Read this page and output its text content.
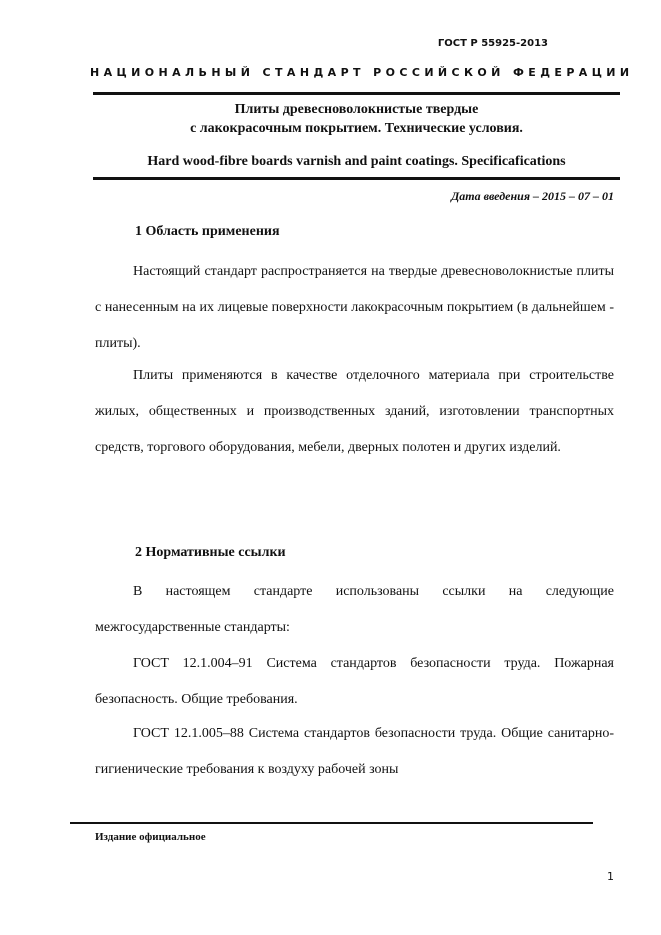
ГОСТ Р 55925-2013
НАЦИОНАЛЬНЫЙ СТАНДАРТ РОССИЙСКОЙ ФЕДЕРАЦИИ
Плиты древесноволокнистые твердые
с лакокрасочным покрытием. Технические условия.
Hard wood-fibre boards varnish and paint coatings. Specificafications
Дата введения – 2015 – 07 – 01
1 Область применения
Настоящий стандарт распространяется на твердые древесноволокнистые плиты с нанесенным на их лицевые поверхности лакокрасочным покрытием (в дальнейшем - плиты).
Плиты применяются в качестве отделочного материала при строительстве жилых, общественных и производственных зданий, изготовлении транспортных средств, торгового оборудования, мебели, дверных полотен и других изделий.
2 Нормативные ссылки
В настоящем стандарте использованы ссылки на следующие межгосударственные стандарты:
ГОСТ 12.1.004–91 Система стандартов безопасности труда. Пожарная безопасность. Общие требования.
ГОСТ 12.1.005–88 Система стандартов безопасности труда. Общие санитарно-гигиенические требования к воздуху рабочей зоны
Издание официальное
1
